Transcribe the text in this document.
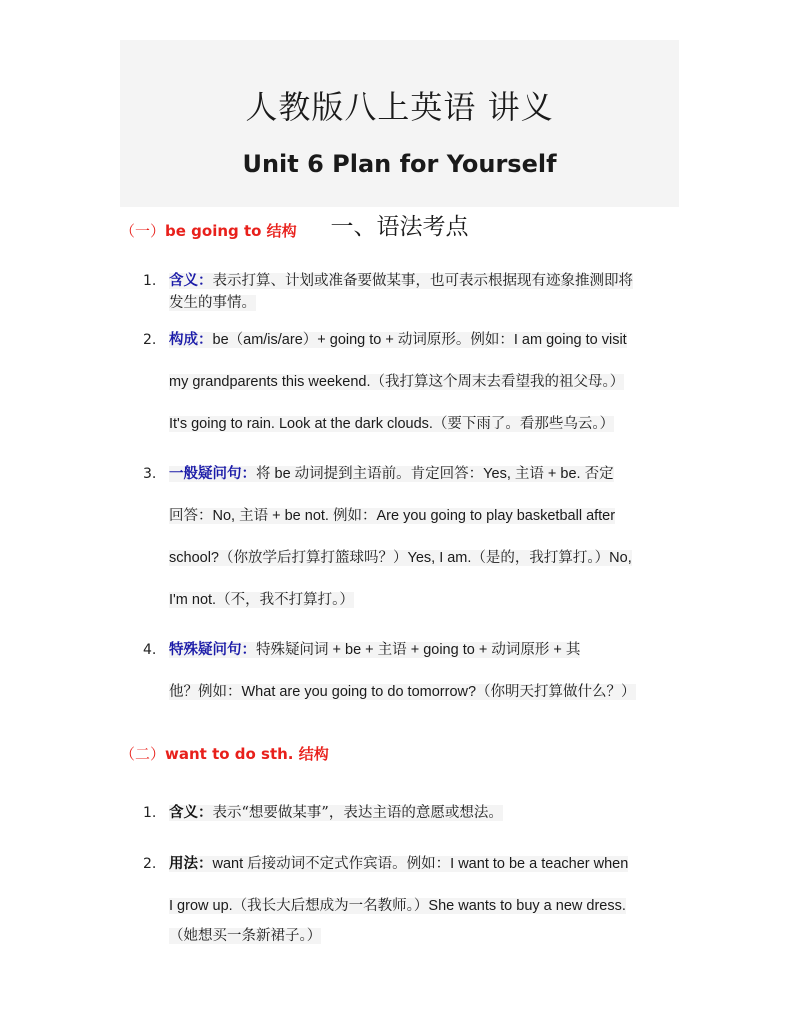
人教版八上英语 讲义
Unit 6 Plan for Yourself
一、语法考点
（一）be going to 结构
1. 含义：表示打算、计划或准备要做某事，也可表示根据现有迹象推测即将
发生的事情。
2. 构成：be（am/is/are）+ going to + 动词原形。例如：I am going to visit
my grandparents this weekend.（我打算这个周末去看望我的祖父母。）
It's going to rain. Look at the dark clouds.（要下雨了。看那些乌云。）
3. 一般疑问句：将 be 动词提到主语前。肯定回答：Yes, 主语 + be. 否定
回答：No, 主语 + be not. 例如：Are you going to play basketball after
school?（你放学后打算打篮球吗？）Yes, I am.（是的，我打算打。）No,
I'm not.（不，我不打算打。）
4. 特殊疑问句：特殊疑问词 + be + 主语 + going to + 动词原形 + 其
他？例如：What are you going to do tomorrow?（你明天打算做什么？）
（二）want to do sth. 结构
1. 含义：表示“想要做某事”，表达主语的意愿或想法。
2. 用法：want 后接动词不定式作宾语。例如：I want to be a teacher when
I grow up.（我长大后想成为一名教师。）She wants to buy a new dress.
（她想买一条新裙子。）
